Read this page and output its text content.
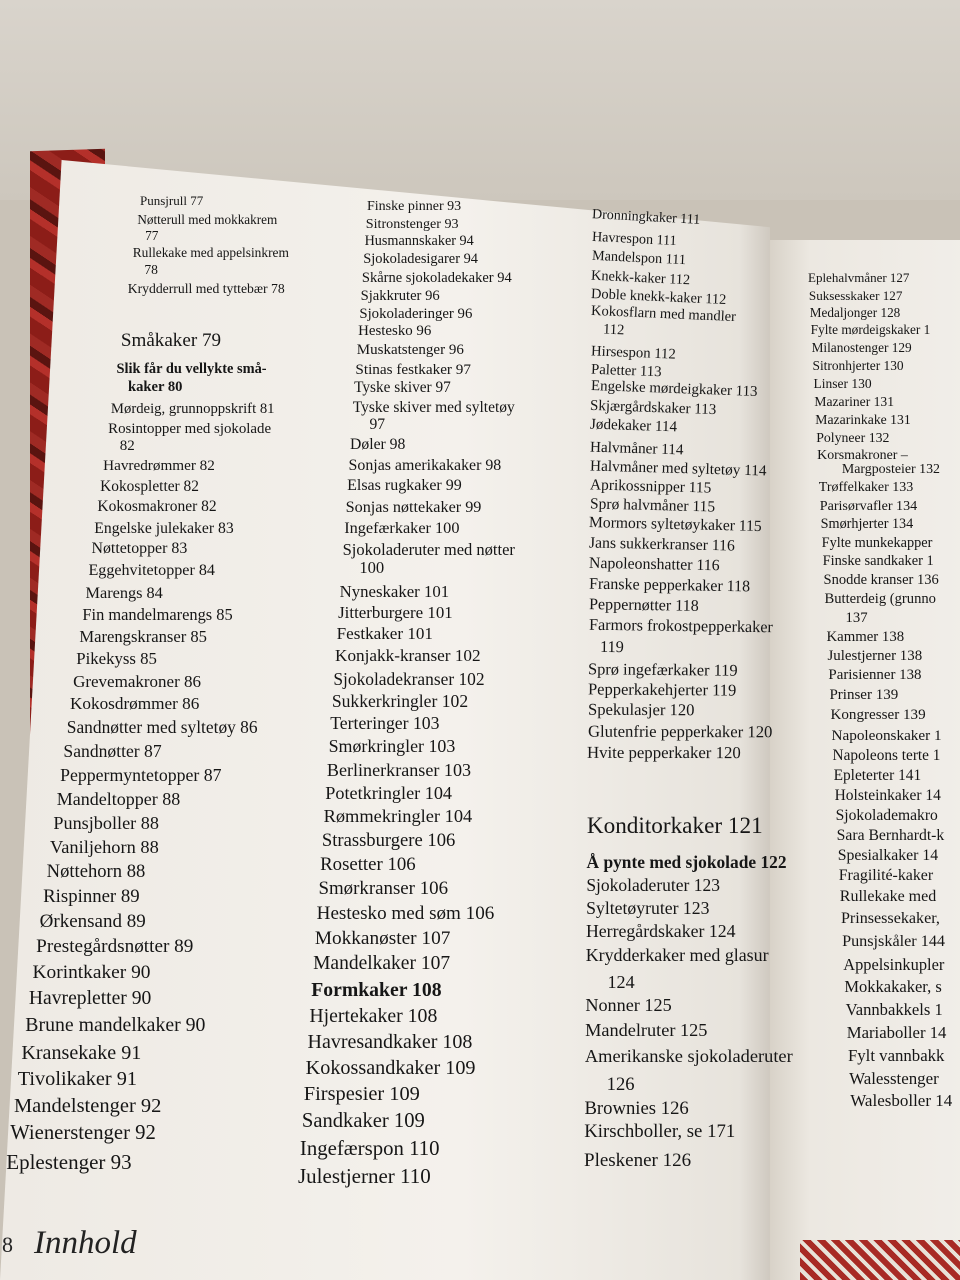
Punsjrull 77
Nøtterull med mokkakrem
77
Rullekake med appelsinkrem
78
Krydderrull med tyttebær 78
Småkaker 79
Slik får du vellykte små-
kaker 80
Mørdeig, grunnoppskrift 81
Rosintopper med sjokolade
82
Havredrømmer 82
Kokospletter 82
Kokosmakroner 82
Engelske julekaker 83
Nøttetopper 83
Eggehvitetopper 84
Marengs 84
Fin mandelmarengs 85
Marengskranser 85
Pikekyss 85
Grevemakroner 86
Kokosdrømmer 86
Sandnøtter med syltetøy 86
Sandnøtter 87
Peppermyntetopper 87
Mandeltopper 88
Punsjboller 88
Vaniljehorn 88
Nøttehorn 88
Rispinner 89
Ørkensand 89
Prestegårdsnøtter 89
Korintkaker 90
Havrepletter 90
Brune mandelkaker 90
Kransekake 91
Tivolikaker 91
Mandelstenger 92
Wienerstenger 92
Eplestenger 93
Finske pinner 93
Sitronstenger 93
Husmannskaker 94
Sjokoladesigarer 94
Skårne sjokoladekaker 94
Sjakkruter 96
Sjokoladeringer 96
Hestesko 96
Muskatstenger 96
Stinas festkaker 97
Tyske skiver 97
Tyske skiver med syltetøy
97
Døler 98
Sonjas amerikakaker 98
Elsas rugkaker 99
Sonjas nøttekaker 99
Ingefærkaker 100
Sjokoladeruter med nøtter
100
Nyneskaker 101
Jitterburgere 101
Festkaker 101
Konjakk-kranser 102
Sjokoladekranser 102
Sukkerkringler 102
Terteringer 103
Smørkringler 103
Berlinerkranser 103
Potetkringler 104
Rømmekringler 104
Strassburgere 106
Rosetter 106
Smørkranser 106
Hestesko med søm 106
Mokkanøster 107
Mandelkaker 107
Formkaker 108
Hjertekaker 108
Havresandkaker 108
Kokossandkaker 109
Firspesier 109
Sandkaker 109
Ingefærspon 110
Julestjerner 110
Dronningkaker 111
Havrespon 111
Mandelspon 111
Knekk-kaker 112
Doble knekk-kaker 112
Kokosflarn med mandler
112
Hirsespon 112
Paletter 113
Engelske mørdeigkaker 113
Skjærgårdskaker 113
Jødekaker 114
Halvmåner 114
Halvmåner med syltetøy 114
Aprikossnipper 115
Sprø halvmåner 115
Mormors syltetøykaker 115
Jans sukkerkranser 116
Napoleonshatter 116
Franske pepperkaker 118
Peppernøtter 118
Farmors frokostpepperkaker
119
Sprø ingefærkaker 119
Pepperkakehjerter 119
Spekulasjer 120
Glutenfrie pepperkaker 120
Hvite pepperkaker 120
Konditorkaker 121
Å pynte med sjokolade 122
Sjokoladeruter 123
Syltetøyruter 123
Herregårdskaker 124
Krydderkaker med glasur
124
Nonner 125
Mandelruter 125
Amerikanske sjokoladeruter
126
Brownies 126
Kirschboller, se 171
Pleskener 126
Eplehalvmåner 127
Suksesskaker 127
Medaljonger 128
Fylte mørdeigskaker 1
Milanostenger 129
Sitronhjerter 130
Linser 130
Mazariner 131
Mazarinkake 131
Polyneer 132
Korsmakroner –
Margposteier 132
Trøffelkaker 133
Parisørvafler 134
Smørhjerter 134
Fylte munkekapper
Finske sandkaker 1
Snodde kranser 136
Butterdeig (grunno
137
Kammer 138
Julestjerner 138
Parisienner 138
Prinser 139
Kongresser 139
Napoleonskaker 1
Napoleons terte 1
Epleterter 141
Holsteinkaker 14
Sjokolademakro
Sara Bernhardt-k
Spesialkaker 14
Fragilité-kaker
Rullekake med
Prinsessekaker,
Punsjskåler 144
Appelsinkupler
Mokkakaker, s
Vannbakkels 1
Mariaboller 14
Fylt vannbakk
Walesstenger
Walesboller 14
8 Innhold
